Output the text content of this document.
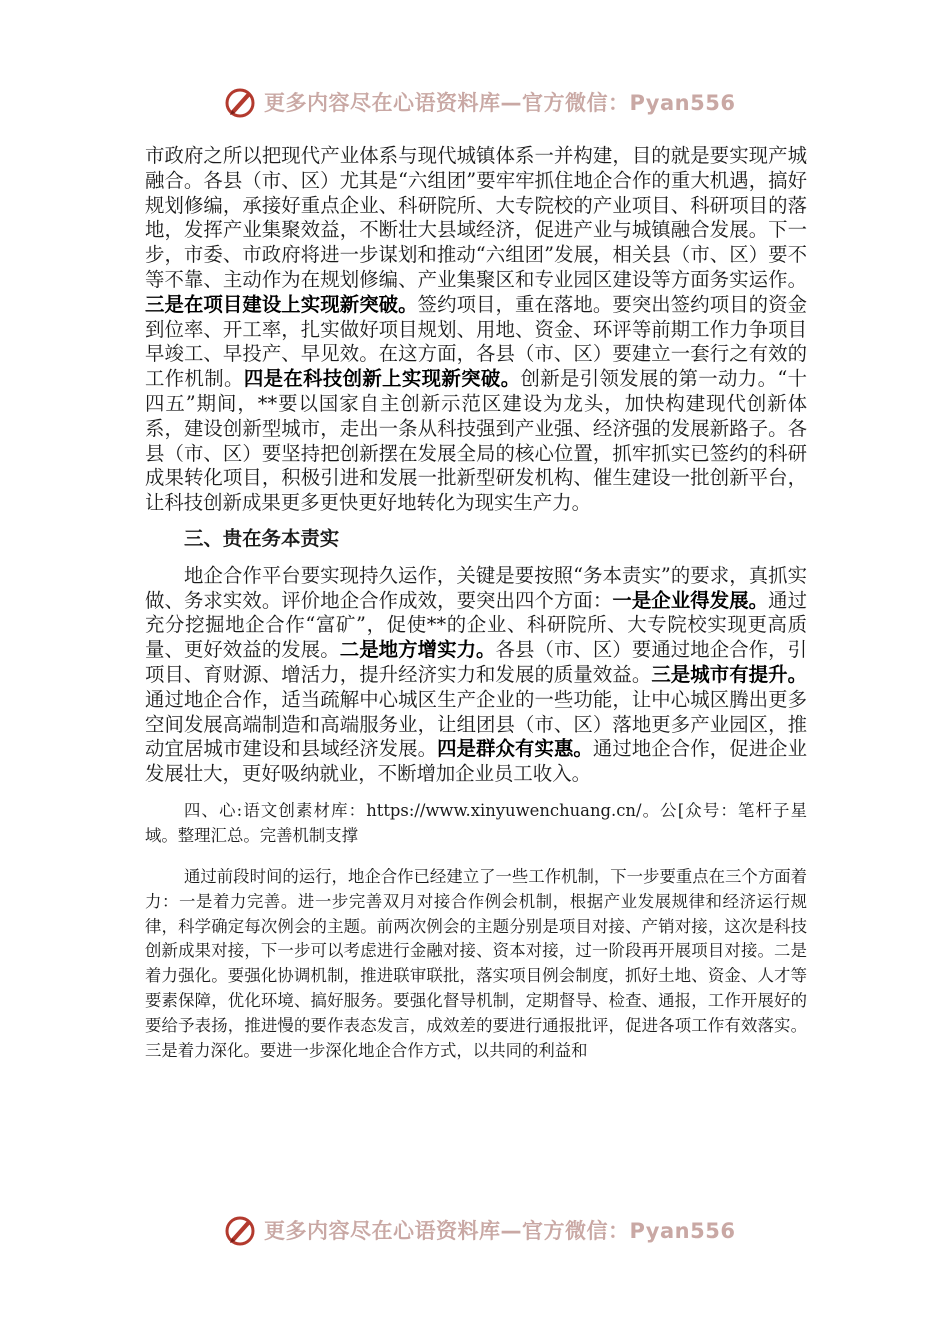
更多内容尽在心语资料库—官方微信：Pyan556

市政府之所以把现代产业体系与现代城镇体系一并构建，目的就是要实现产城融合。各县（市、区）尤其是“六组团”要牢牢抓住地企合作的重大机遇，搞好规划修编，承接好重点企业、科研院所、大专院校的产业项目、科研项目的落地，发挥产业集聚效益，不断壮大县域经济，促进产业与城镇融合发展。下一步，市委、市政府将进一步谋划和推动“六组团”发展，相关县（市、区）要不等不靠、主动作为在规划修编、产业集聚区和专业园区建设等方面务实运作。三是在项目建设上实现新突破。签约项目，重在落地。要突出签约项目的资金到位率、开工率，扎实做好项目规划、用地、资金、环评等前期工作力争项目早竣工、早投产、早见效。在这方面，各县（市、区）要建立一套行之有效的工作机制。四是在科技创新上实现新突破。创新是引领发展的第一动力。“十四五”期间，**要以国家自主创新示范区建设为龙头，加快构建现代创新体系，建设创新型城市，走出一条从科技强到产业强、经济强的发展新路子。各县（市、区）要坚持把创新摆在发展全局的核心位置，抓牢抓实已签约的科研成果转化项目，积极引进和发展一批新型研发机构、催生建设一批创新平台，让科技创新成果更多更快更好地转化为现实生产力。

三、贵在务本责实

地企合作平台要实现持久运作，关键是要按照“务本责实”的要求，真抓实做、务求实效。评价地企合作成效，要突出四个方面：一是企业得发展。通过充分挖掘地企合作“富矿”，促使**的企业、科研院所、大专院校实现更高质量、更好效益的发展。二是地方增实力。各县（市、区）要通过地企合作，引项目、育财源、增活力，提升经济实力和发展的质量效益。三是城市有提升。通过地企合作，适当疏解中心城区生产企业的一些功能，让中心城区腾出更多空间发展高端制造和高端服务业，让组团县（市、区）落地更多产业园区，推动宜居城市建设和县域经济发展。四是群众有实惠。通过地企合作，促进企业发展壮大，更好吸纳就业，不断增加企业员工收入。

四、心:语文创素材库：https://www.xinyuwenchuang.cn/。公[众号：笔杆子星域。整理汇总。完善机制支撑

通过前段时间的运行，地企合作已经建立了一些工作机制，下一步要重点在三个方面着力：一是着力完善。进一步完善双月对接合作例会机制，根据产业发展规律和经济运行规律，科学确定每次例会的主题。前两次例会的主题分别是项目对接、产销对接，这次是科技创新成果对接，下一步可以考虑进行金融对接、资本对接，过一阶段再开展项目对接。二是着力强化。要强化协调机制，推进联审联批，落实项目例会制度，抓好土地、资金、人才等要素保障，优化环境、搞好服务。要强化督导机制，定期督导、检查、通报，工作开展好的要给予表扬，推进慢的要作表态发言，成效差的要进行通报批评，促进各项工作有效落实。三是着力深化。要进一步深化地企合作方式，以共同的利益和

更多内容尽在心语资料库—官方微信：Pyan556
